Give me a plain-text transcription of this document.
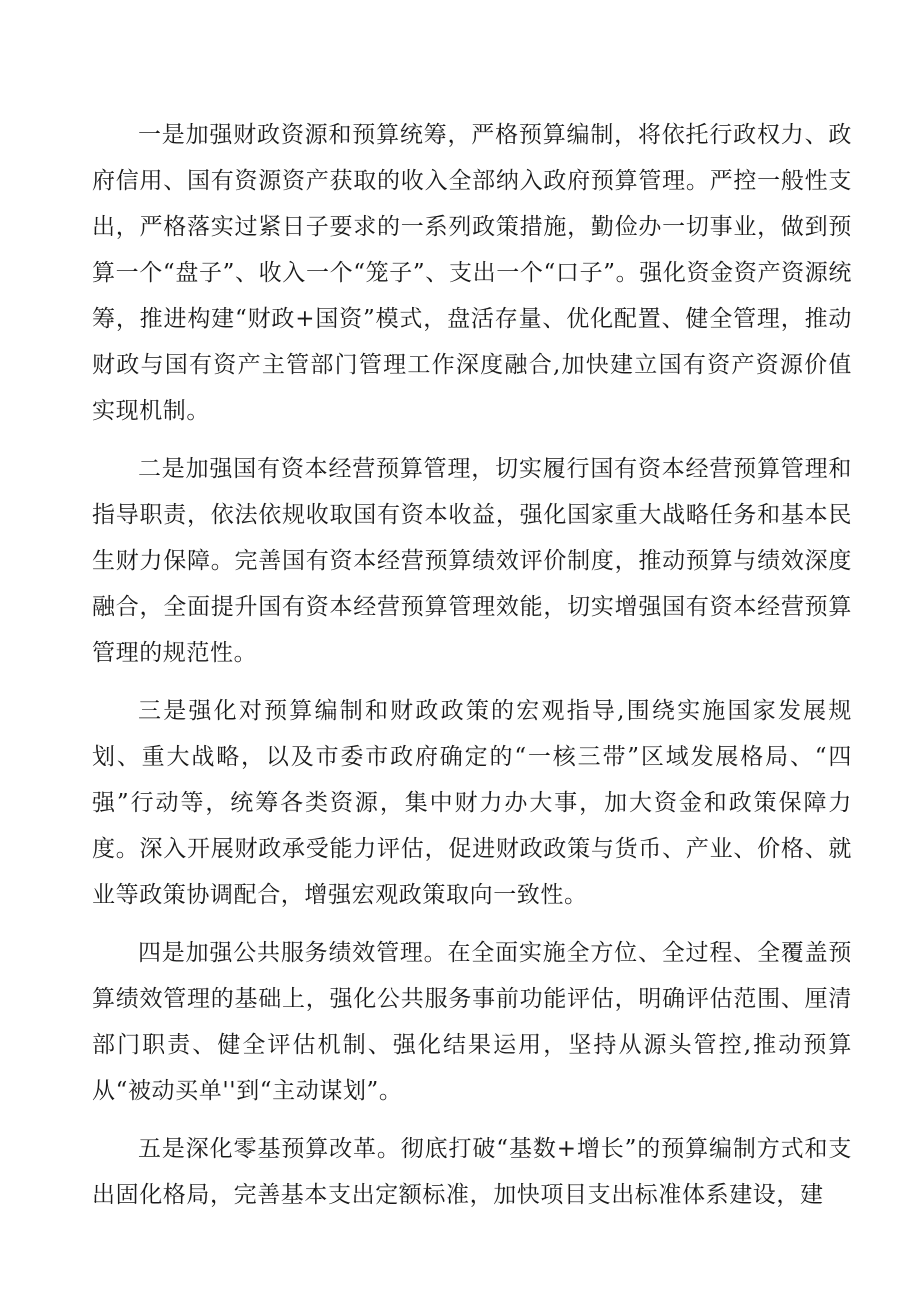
一是加强财政资源和预算统筹，严格预算编制，将依托行政权力、政府信用、国有资源资产获取的收入全部纳入政府预算管理。严控一般性支出，严格落实过紧日子要求的一系列政策措施，勤俭办一切事业，做到预算一个“盘子”、收入一个“笼子”、支出一个“口子”。强化资金资产资源统筹，推进构建“财政+国资”模式，盘活存量、优化配置、健全管理，推动财政与国有资产主管部门管理工作深度融合,加快建立国有资产资源价值实现机制。

二是加强国有资本经营预算管理，切实履行国有资本经营预算管理和指导职责，依法依规收取国有资本收益，强化国家重大战略任务和基本民生财力保障。完善国有资本经营预算绩效评价制度，推动预算与绩效深度融合，全面提升国有资本经营预算管理效能，切实增强国有资本经营预算管理的规范性。

三是强化对预算编制和财政政策的宏观指导,围绕实施国家发展规划、重大战略，以及市委市政府确定的“一核三带”区域发展格局、“四强”行动等，统筹各类资源，集中财力办大事，加大资金和政策保障力度。深入开展财政承受能力评估，促进财政政策与货币、产业、价格、就业等政策协调配合，增强宏观政策取向一致性。

四是加强公共服务绩效管理。在全面实施全方位、全过程、全覆盖预算绩效管理的基础上，强化公共服务事前功能评估，明确评估范围、厘清部门职责、健全评估机制、强化结果运用，坚持从源头管控,推动预算从“被动买单''到“主动谋划”。

五是深化零基预算改革。彻底打破“基数+增长”的预算编制方式和支出固化格局，完善基本支出定额标准，加快项目支出标准体系建设，建
